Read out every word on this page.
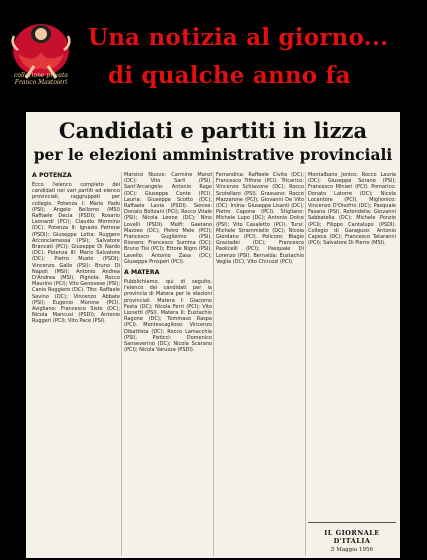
collezione privata
Franco Mastoieri
Una notizia al giorno...
di qualche anno fa
Candidati e partiti in lizza
per le elezioni amministrative provinciali
A POTENZA

Ecco l'elenco completo dei candidati nei vari partiti ed elenco provinciali, raggruppati per collegio. Potenza I: Mario Pado (PSI); Angelo Bellomo (MSI) Raffaele Decia (PSDI); Rosario Leonardi (PCI); Claudio Mormino (DC). Potenza II: Ignazio Petrone (PSDI); Giuseppe Lotta; Ruggero Acconciamessa (PSI); Salvatore Brancati (PCI); Giuseppe Di Nardo (DC). Potenza III: Mario Salvatore (DC); Pietro Musto (PSDI); Vincenzo Gallo (PSI); Bruno Di Napoli (MSI); Antonio Andrea D'Andrea (MSI). Pignola: Rocco Maurino (PCI); Vito Genovese (PSI); Canio Ruggiero (DC). Tito: Raffaele Savino (DC); Vincenzo Abbate (PSI); Eugenio Morone (PCI). Avigliano: Francesco Sisto (DC); Nicola Mancusi (PSDI); Antonio Ruggeri (PCI); Vito Pace (PSI).

Marsico Nuovo: Carmine Manzi (DC); Vito Sarli (PSI). Sant'Arcangelo: Antonio Rago (DC); Giuseppe Conte (PCI). Lauria: Giuseppe Scotto (DC); Raffaele Lavia (PSDI). Senise: Donato Boltzani (PCI); Rocco Vitale (PSI); Nicola Leone (DC); Nino Lovelli (PSDI). Melfi: Gaetano Mazzeo (DC); Pietro Mele (PCI); Francesco Guglielmo (PSI). Rionero: Francesco Summa (DC); Bruno Tisi (PCI); Ettore Nigro (PSI). Lavello: Antonio Zasa (DC); Giuseppe Prosperi (PCI).

A MATERA

Pubblichiamo, qui di seguito, l'elenco dei candidati per la provincia di Matera per le elezioni provinciali. Matera I: Giacomo Festa (DC); Nicola Ferri (PCI); Vito Lionetti (PSI). Matera II: Eustachio Ragone (DC); Tommaso Raspa (PCI). Montescaglioso: Vincenzo Dibattista (DC); Rocco Lamacchia (PSI). Pisticci: Domenico Sanseverino (DC); Nicola Scarano (PCI); Nicola Varuzza (PSDI).

Ferrandina: Raffaele Civita (DC); Francesco Trifone (PCI). Tricarico: Vincenzo Schiavone (DC); Rocco Scotellaro (PSI). Grassano: Rocco Mazzarone (PCI); Giovanni De Vito (DC). Irsina: Giuseppe Lisanti (DC); Pietro Capone (PCI). Stigliano: Michele Lupo (DC); Antonio Dolce (PSI); Vito Casaletto (PCI). Tursi: Michele Strammiello (DC); Nicola Giordano (PCI). Policoro: Biagio Graziadei (DC); Francesco Paolicelli (PCI); Pasquale Di Lorenzo (PSI). Bernalda: Eustachio Veglia (DC); Vito Chiruzzi (PCI).

Montalbano Jonico: Rocco Lauria (DC); Giuseppe Sorano (PSI); Francesco Minieri (PCI). Pomarico: Donato Latorre (DC); Nicola Locantore (PCI). Miglionico: Vincenzo D'Onofrio (DC); Pasquale Fasano (PSI). Rotondella: Giovanni Sabbatella (DC); Michele Ponzio (PCI); Filippo Cantalupo (PSDI). Collegio di Garaguso: Antonio Capece (DC); Francesco Tataranni (PCI); Salvatore Di Pierro (MSI).

IL GIORNALE D'ITALIA
5 Maggio 1956
